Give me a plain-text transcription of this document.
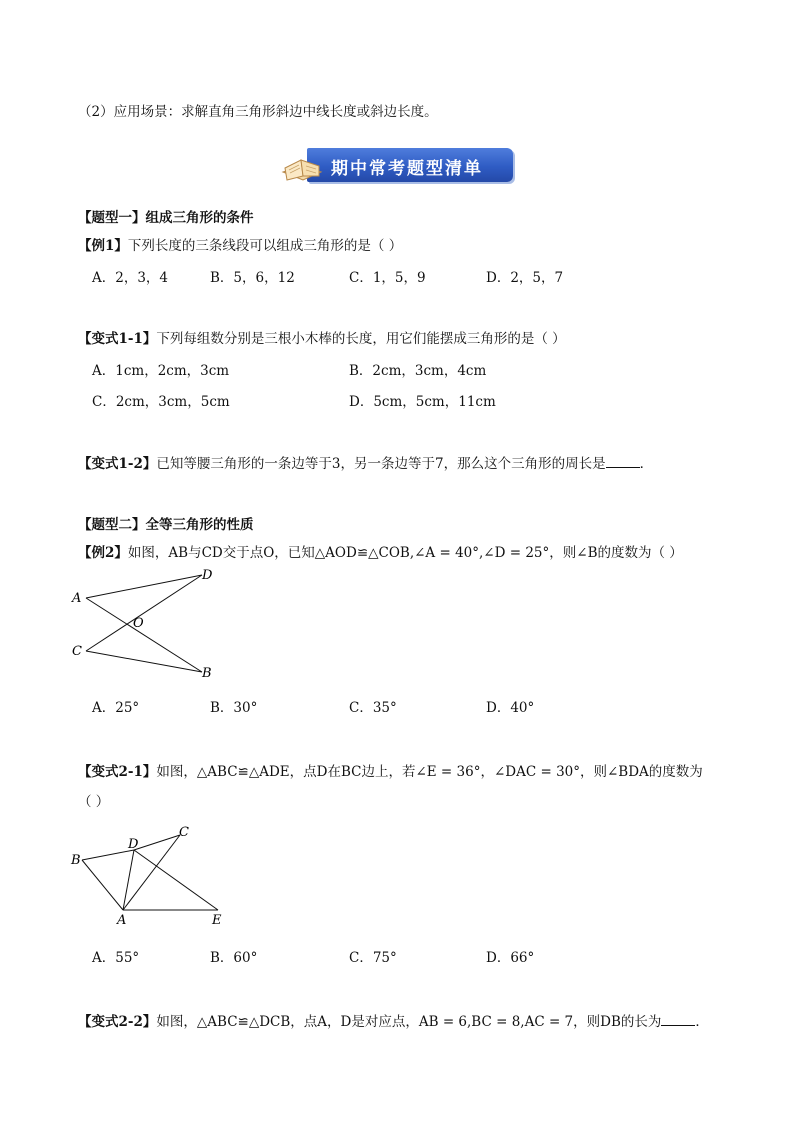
（2）应用场景：求解直角三角形斜边中线长度或斜边长度。
期中常考题型清单
【题型一】组成三角形的条件
【例1】下列长度的三条线段可以组成三角形的是（ ）
A．2，3，4	B．5，6，12	C．1，5，9	D．2，5，7
【变式1-1】下列每组数分别是三根小木棒的长度，用它们能摆成三角形的是（ ）
A．1cm，2cm，3cm	B．2cm，3cm，4cm
C．2cm，3cm，5cm	D．5cm，5cm，11cm
【变式1-2】已知等腰三角形的一条边等于3，另一条边等于7，那么这个三角形的周长是	．
【题型二】全等三角形的性质
【例2】如图，AB与CD交于点O，已知△AOD≌△COB,∠A = 40°,∠D = 25°，则∠B的度数为（ ）
A
D
O
C
B
A．25°	B．30°	C．35°	D．40°
【变式2-1】如图，△ABC≌△ADE，点D在BC边上，若∠E = 36°，∠DAC = 30°，则∠BDA的度数为
（ ）
D
C
B
A	E
A．55°	B．60°	C．75°	D．66°
【变式2-2】如图，△ABC≌△DCB，点A，D是对应点，AB = 6,BC = 8,AC = 7，则DB的长为	．
